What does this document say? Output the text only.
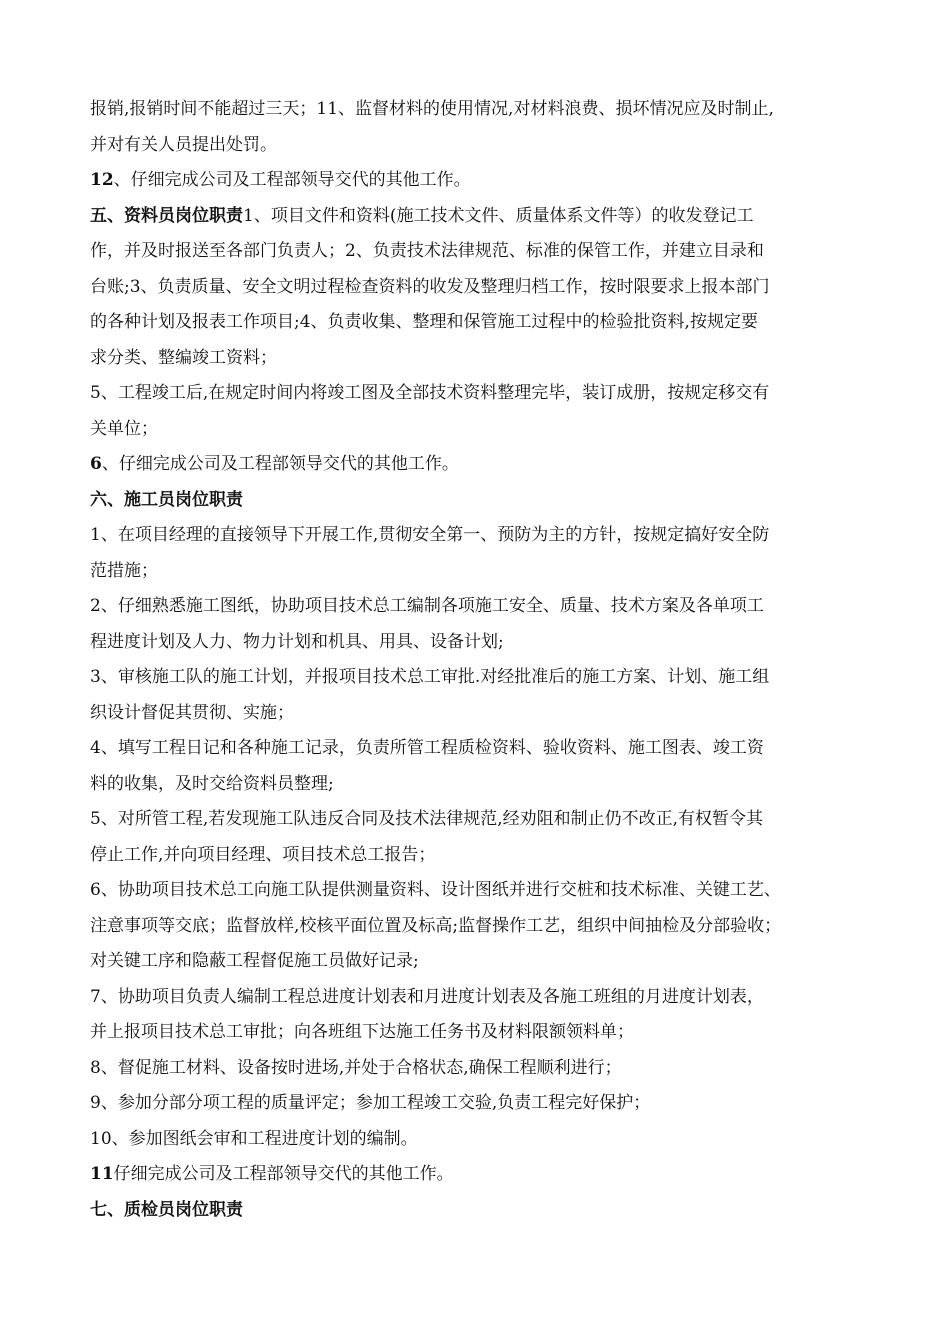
报销,报销时间不能超过三天；11、监督材料的使用情况,对材料浪费、损坏情况应及时制止,
并对有关人员提出处罚。
12、仔细完成公司及工程部领导交代的其他工作。
五、资料员岗位职责1、项目文件和资料(施工技术文件、质量体系文件等）的收发登记工
作，并及时报送至各部门负责人；2、负责技术法律规范、标准的保管工作，并建立目录和
台账;3、负责质量、安全文明过程检查资料的收发及整理归档工作，按时限要求上报本部门
的各种计划及报表工作项目;4、负责收集、整理和保管施工过程中的检验批资料,按规定要
求分类、整编竣工资料；
5、工程竣工后,在规定时间内将竣工图及全部技术资料整理完毕，装订成册，按规定移交有
关单位；
6、仔细完成公司及工程部领导交代的其他工作。
六、施工员岗位职责
1、在项目经理的直接领导下开展工作,贯彻安全第一、预防为主的方针，按规定搞好安全防
范措施；
2、仔细熟悉施工图纸，协助项目技术总工编制各项施工安全、质量、技术方案及各单项工
程进度计划及人力、物力计划和机具、用具、设备计划;
3、审核施工队的施工计划，并报项目技术总工审批.对经批准后的施工方案、计划、施工组
织设计督促其贯彻、实施；
4、填写工程日记和各种施工记录，负责所管工程质检资料、验收资料、施工图表、竣工资
料的收集，及时交给资料员整理;
5、对所管工程,若发现施工队违反合同及技术法律规范,经劝阻和制止仍不改正,有权暂令其
停止工作,并向项目经理、项目技术总工报告；
6、协助项目技术总工向施工队提供测量资料、设计图纸并进行交桩和技术标准、关键工艺、
注意事项等交底；监督放样,校核平面位置及标高;监督操作工艺，组织中间抽检及分部验收；
对关键工序和隐蔽工程督促施工员做好记录;
7、协助项目负责人编制工程总进度计划表和月进度计划表及各施工班组的月进度计划表，
并上报项目技术总工审批；向各班组下达施工任务书及材料限额领料单；
8、督促施工材料、设备按时进场,并处于合格状态,确保工程顺利进行；
9、参加分部分项工程的质量评定；参加工程竣工交验,负责工程完好保护；
10、参加图纸会审和工程进度计划的编制。
11仔细完成公司及工程部领导交代的其他工作。
七、质检员岗位职责
